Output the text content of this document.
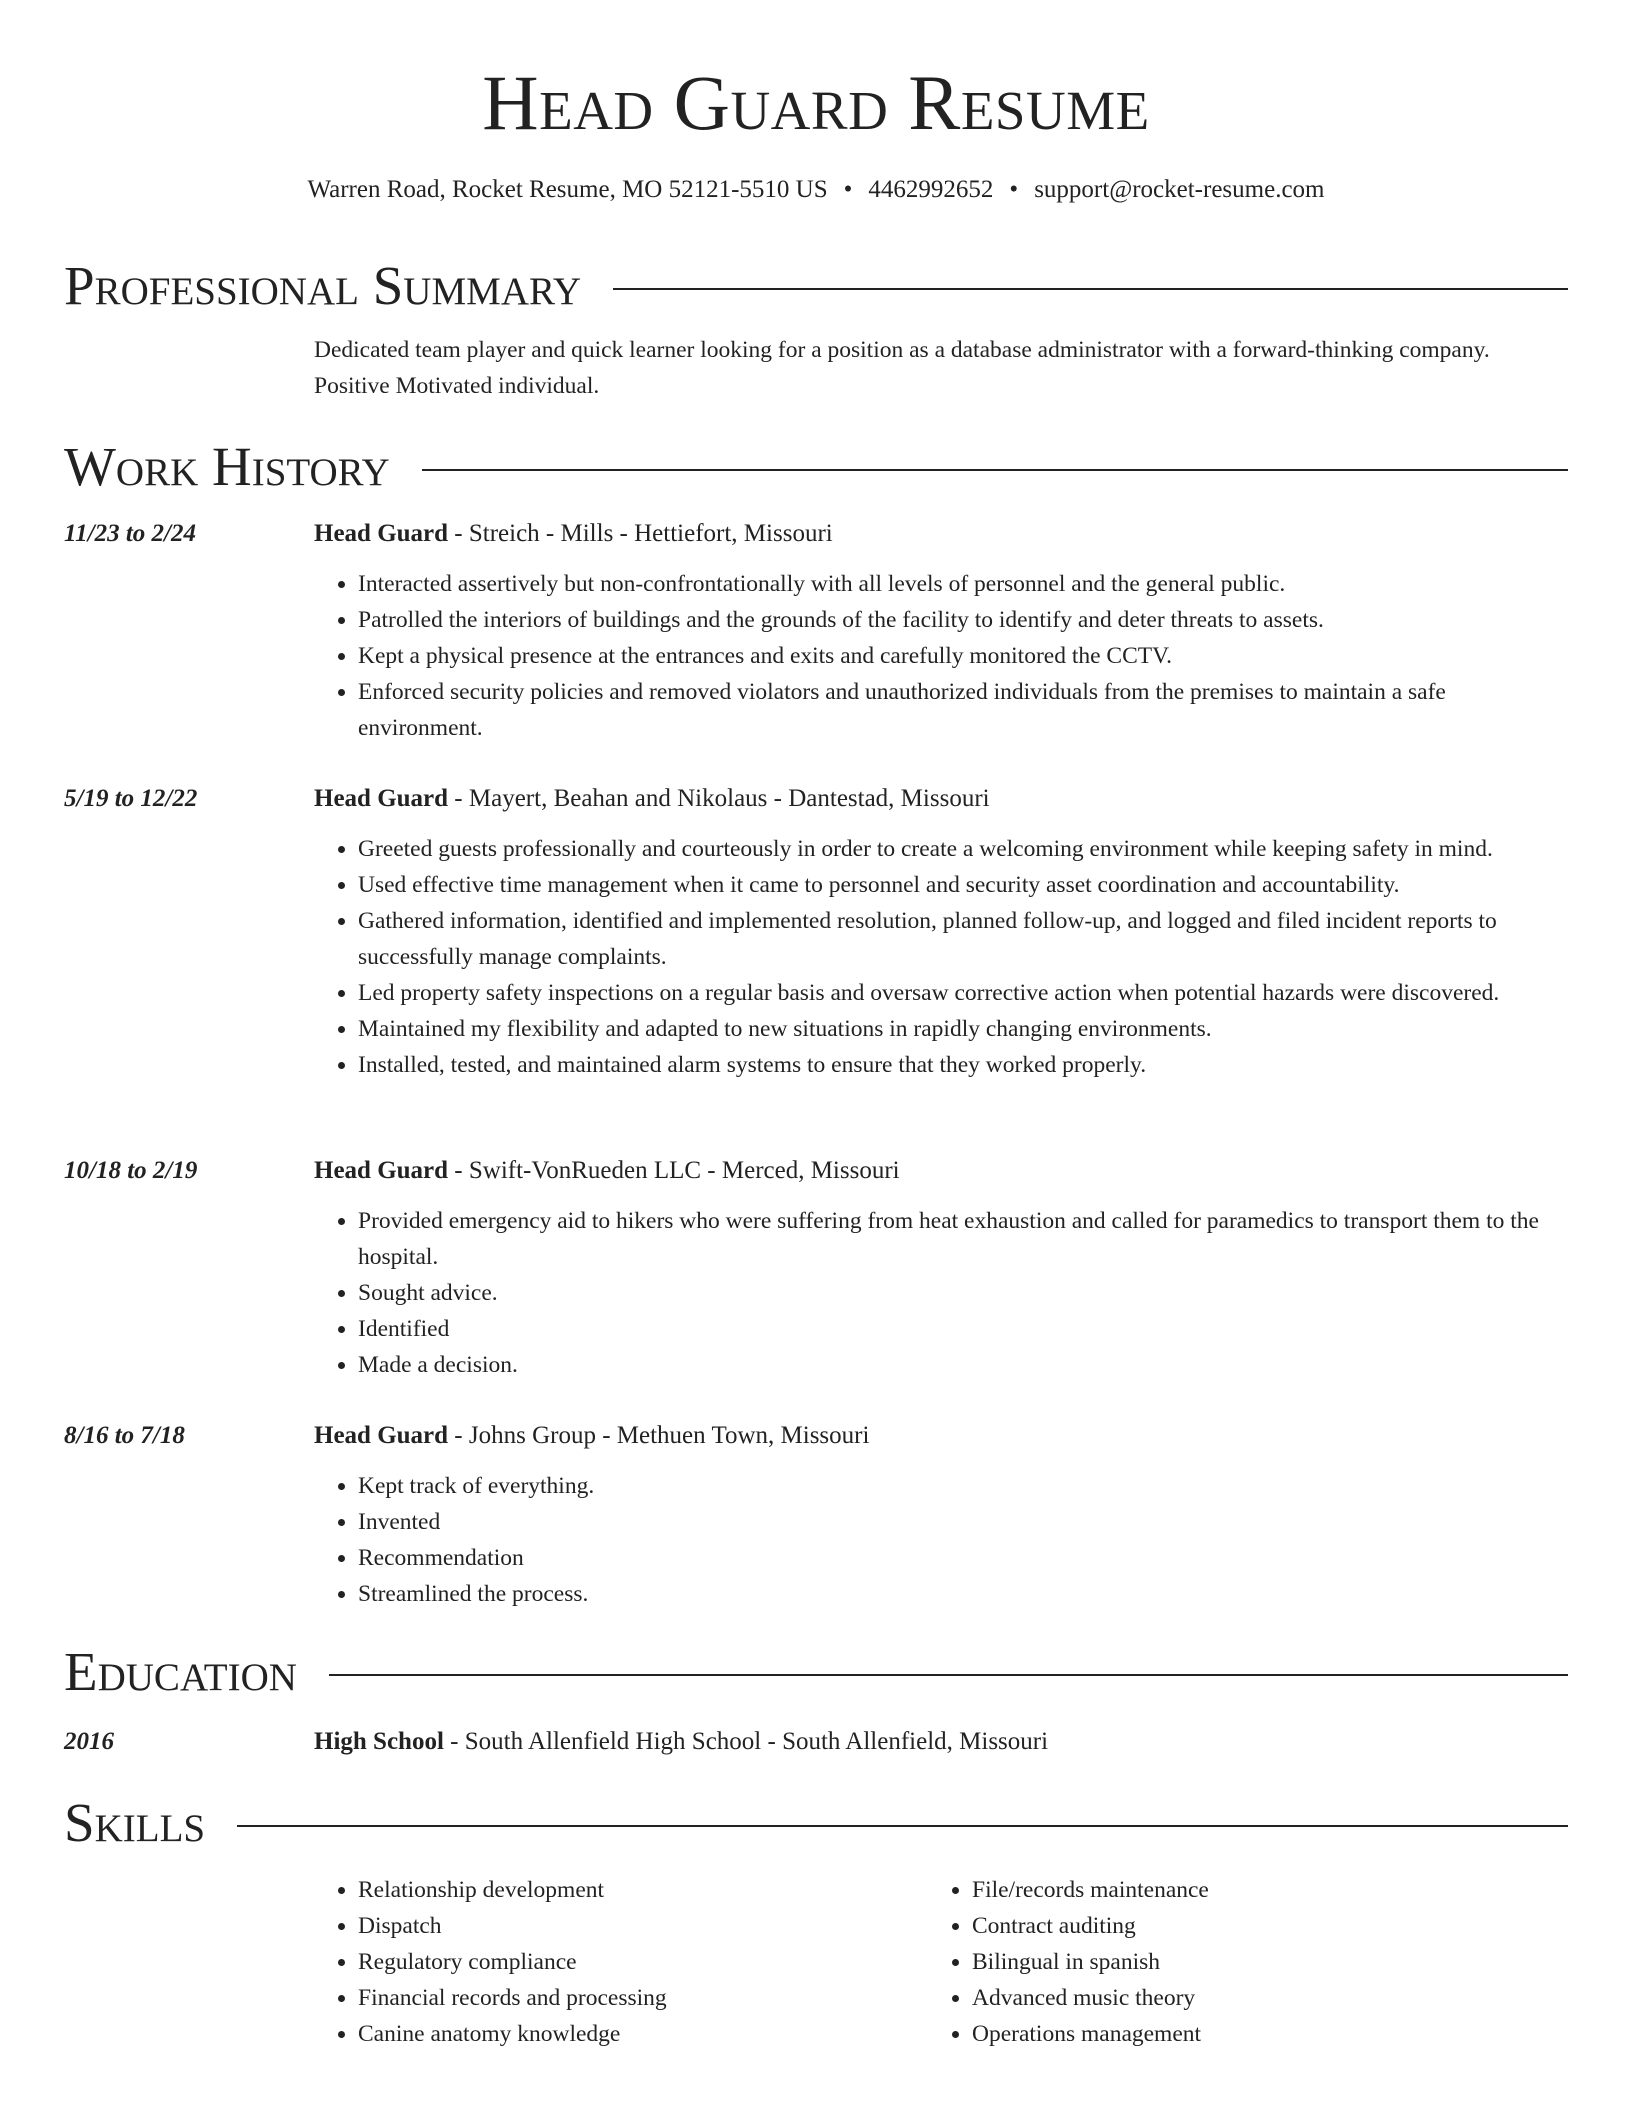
Head Guard Resume
Warren Road, Rocket Resume, MO 52121-5510 US • 4462992652 • support@rocket-resume.com
Professional Summary

Dedicated team player and quick learner looking for a position as a database administrator with a forward-thinking company. Positive Motivated individual.

Work History
11/23 to 2/24	Head Guard - Streich - Mills - Hettiefort, Missouri
• Interacted assertively but non-confrontationally with all levels of personnel and the general public.
• Patrolled the interiors of buildings and the grounds of the facility to identify and deter threats to assets.
• Kept a physical presence at the entrances and exits and carefully monitored the CCTV.
• Enforced security policies and removed violators and unauthorized individuals from the premises to maintain a safe environment.
5/19 to 12/22	Head Guard - Mayert, Beahan and Nikolaus - Dantestad, Missouri
• Greeted guests professionally and courteously in order to create a welcoming environment while keeping safety in mind.
• Used effective time management when it came to personnel and security asset coordination and accountability.
• Gathered information, identified and implemented resolution, planned follow-up, and logged and filed incident reports to successfully manage complaints.
• Led property safety inspections on a regular basis and oversaw corrective action when potential hazards were discovered.
• Maintained my flexibility and adapted to new situations in rapidly changing environments.
• Installed, tested, and maintained alarm systems to ensure that they worked properly.
10/18 to 2/19	Head Guard - Swift-VonRueden LLC - Merced, Missouri
• Provided emergency aid to hikers who were suffering from heat exhaustion and called for paramedics to transport them to the hospital.
• Sought advice.
• Identified
• Made a decision.
8/16 to 7/18	Head Guard - Johns Group - Methuen Town, Missouri
• Kept track of everything.
• Invented
• Recommendation
• Streamlined the process.
Education
2016	High School - South Allenfield High School - South Allenfield, Missouri
Skills
• Relationship development
• Dispatch
• Regulatory compliance
• Financial records and processing
• Canine anatomy knowledge
• File/records maintenance
• Contract auditing
• Bilingual in spanish
• Advanced music theory
• Operations management
